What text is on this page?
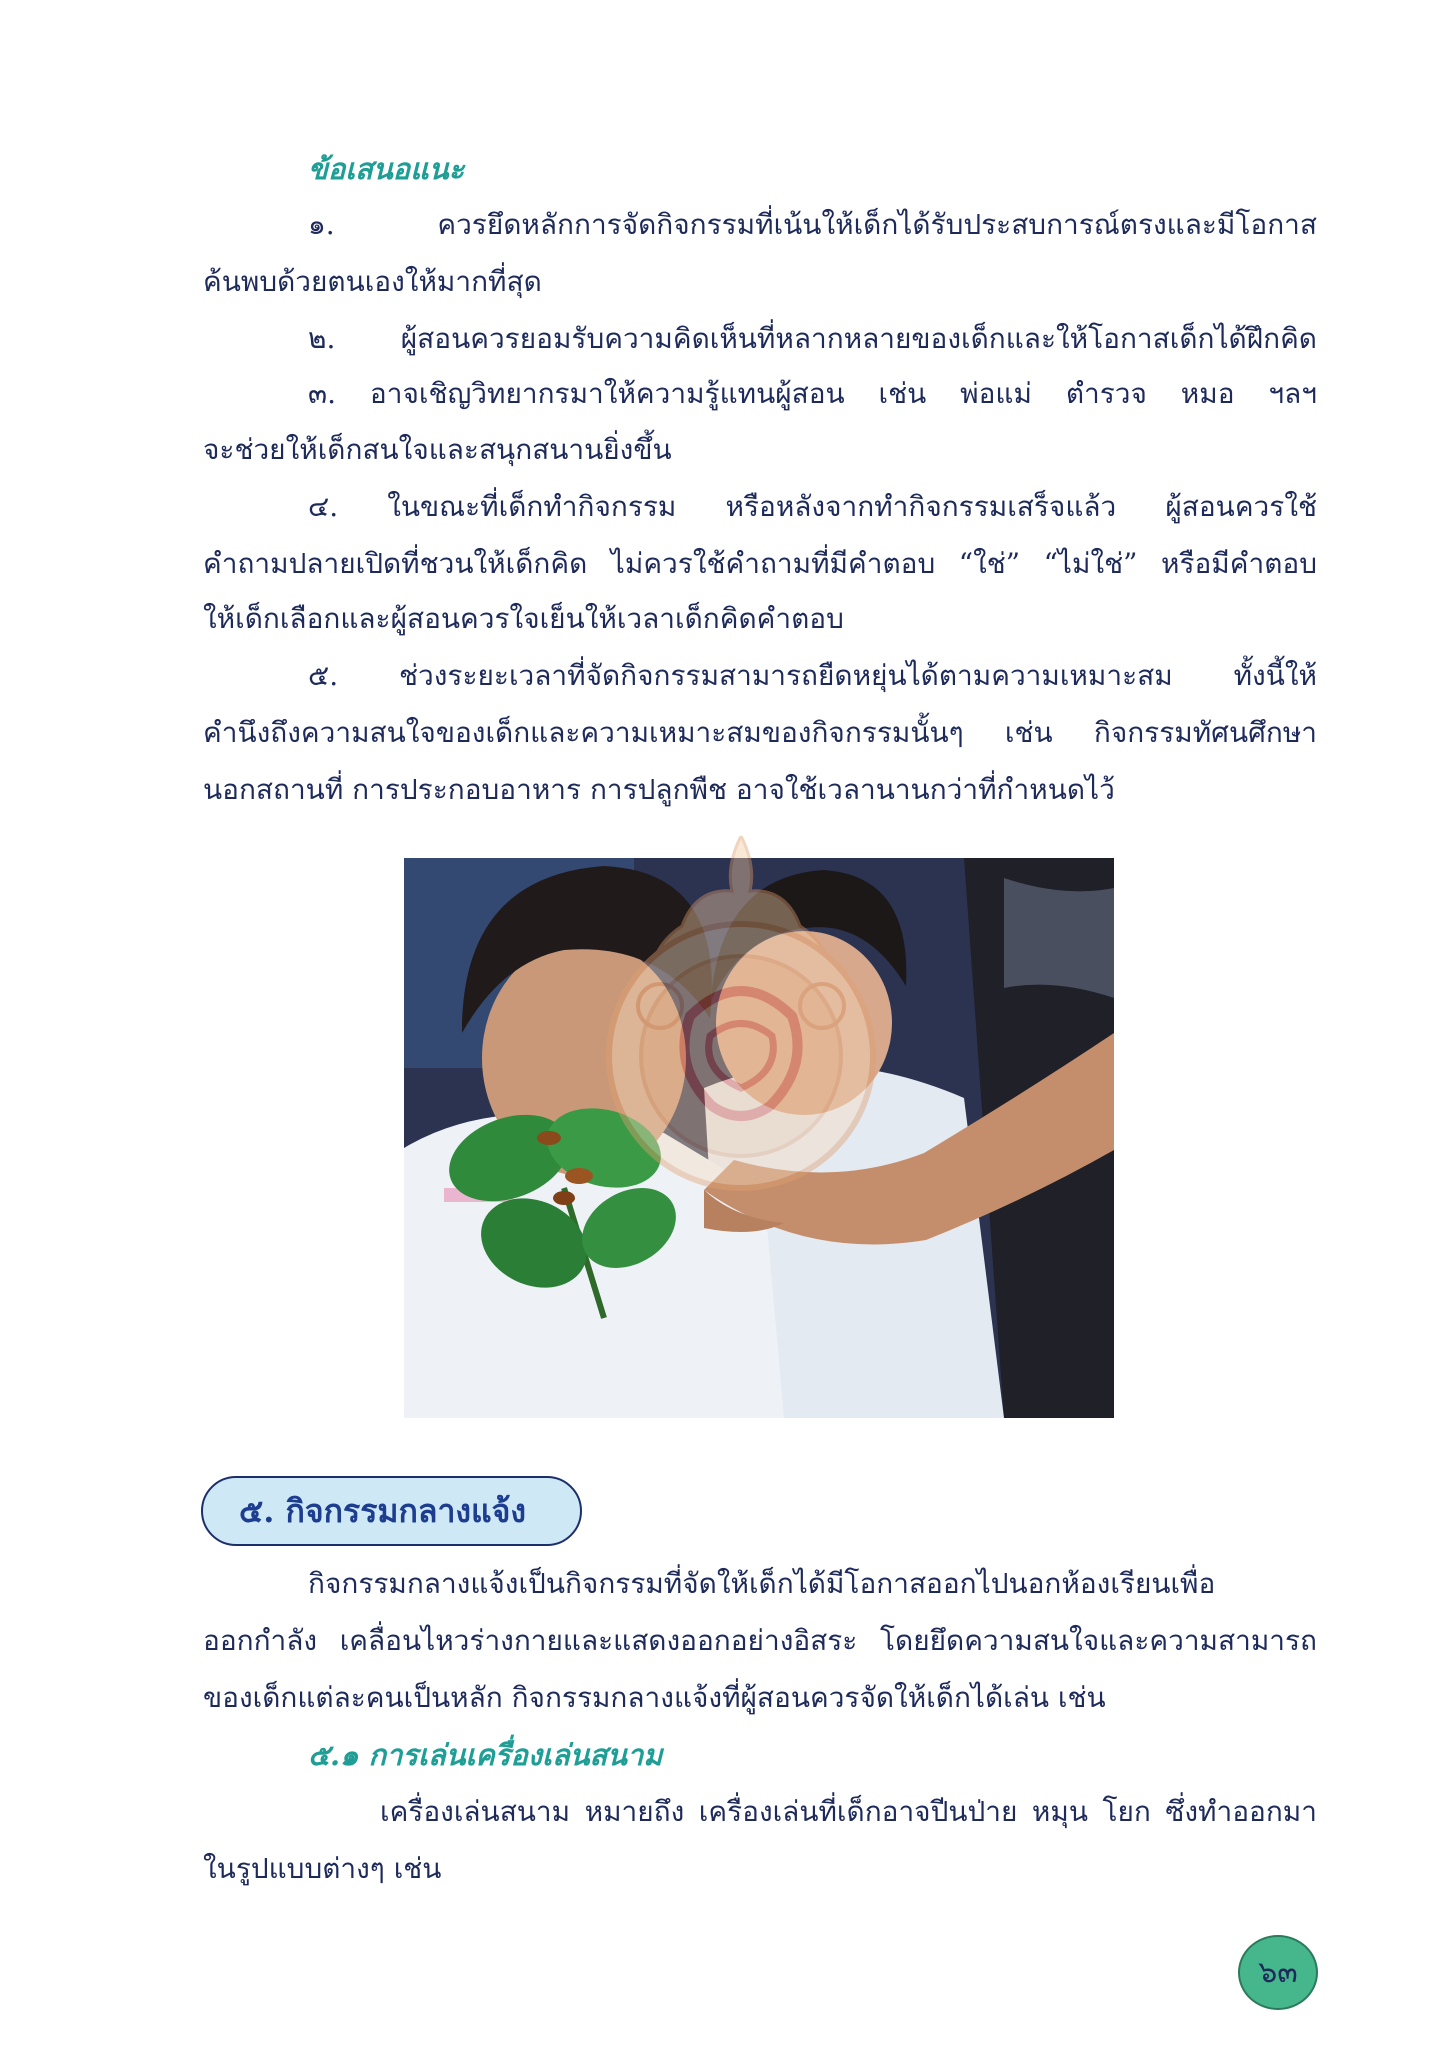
ข้อเสนอแนะ
๑. ควรยึดหลักการจัดกิจกรรมที่เน้นให้เด็กได้รับประสบการณ์ตรงและมีโอกาส
ค้นพบด้วยตนเองให้มากที่สุด
๒. ผู้สอนควรยอมรับความคิดเห็นที่หลากหลายของเด็กและให้โอกาสเด็กได้ฝึกคิด
๓. อาจเชิญวิทยากรมาให้ความรู้แทนผู้สอน เช่น พ่อแม่ ตำรวจ หมอ ฯลฯ
จะช่วยให้เด็กสนใจและสนุกสนานยิ่งขึ้น
๔. ในขณะที่เด็กทำกิจกรรม หรือหลังจากทำกิจกรรมเสร็จแล้ว ผู้สอนควรใช้
คำถามปลายเปิดที่ชวนให้เด็กคิด ไม่ควรใช้คำถามที่มีคำตอบ “ใช่” “ไม่ใช่” หรือมีคำตอบ
ให้เด็กเลือกและผู้สอนควรใจเย็นให้เวลาเด็กคิดคำตอบ
๕. ช่วงระยะเวลาที่จัดกิจกรรมสามารถยืดหยุ่นได้ตามความเหมาะสม ทั้งนี้ให้
คำนึงถึงความสนใจของเด็กและความเหมาะสมของกิจกรรมนั้นๆ เช่น กิจกรรมทัศนศึกษา
นอกสถานที่ การประกอบอาหาร การปลูกพืช อาจใช้เวลานานกว่าที่กำหนดไว้
๕. กิจกรรมกลางแจ้ง
กิจกรรมกลางแจ้งเป็นกิจกรรมที่จัดให้เด็กได้มีโอกาสออกไปนอกห้องเรียนเพื่อ
ออกกำลัง เคลื่อนไหวร่างกายและแสดงออกอย่างอิสระ โดยยึดความสนใจและความสามารถ
ของเด็กแต่ละคนเป็นหลัก กิจกรรมกลางแจ้งที่ผู้สอนควรจัดให้เด็กได้เล่น เช่น
๕.๑ การเล่นเครื่องเล่นสนาม
เครื่องเล่นสนาม หมายถึง เครื่องเล่นที่เด็กอาจปีนป่าย หมุน โยก ซึ่งทำออกมา
ในรูปแบบต่างๆ เช่น
๖๓
